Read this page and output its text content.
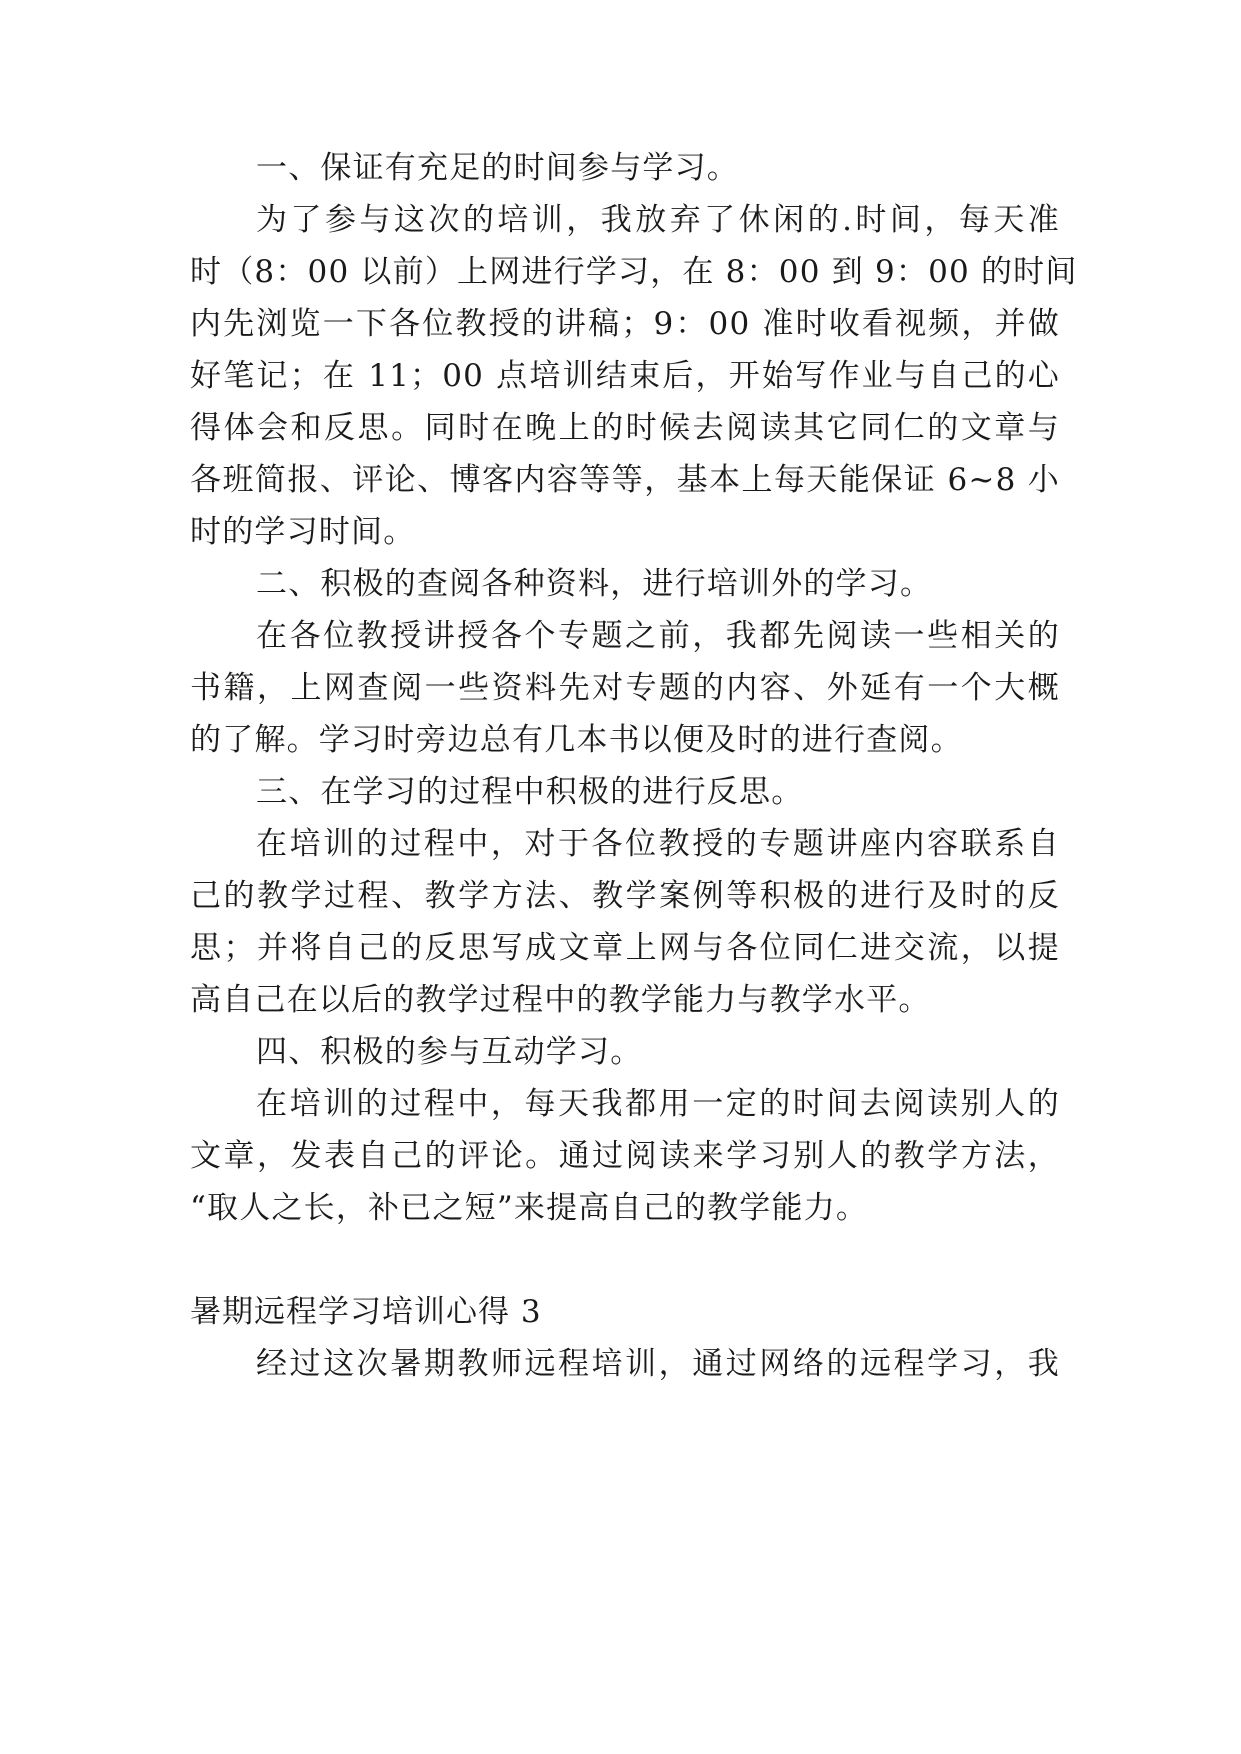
一、保证有充足的时间参与学习。
为了参与这次的培训，我放弃了休闲的.时间，每天准
时（8：00 以前）上网进行学习，在 8：00 到 9：00 的时间
内先浏览一下各位教授的讲稿；9：00 准时收看视频，并做
好笔记；在 11；00 点培训结束后，开始写作业与自己的心
得体会和反思。同时在晚上的时候去阅读其它同仁的文章与
各班简报、评论、博客内容等等，基本上每天能保证 6~8 小
时的学习时间。
二、积极的查阅各种资料，进行培训外的学习。
在各位教授讲授各个专题之前，我都先阅读一些相关的
书籍，上网查阅一些资料先对专题的内容、外延有一个大概
的了解。学习时旁边总有几本书以便及时的进行查阅。
三、在学习的过程中积极的进行反思。
在培训的过程中，对于各位教授的专题讲座内容联系自
己的教学过程、教学方法、教学案例等积极的进行及时的反
思；并将自己的反思写成文章上网与各位同仁进交流，以提
高自己在以后的教学过程中的教学能力与教学水平。
四、积极的参与互动学习。
在培训的过程中，每天我都用一定的时间去阅读别人的
文章，发表自己的评论。通过阅读来学习别人的教学方法，
“取人之长，补已之短”来提高自己的教学能力。
暑期远程学习培训心得 3
经过这次暑期教师远程培训，通过网络的远程学习，我
